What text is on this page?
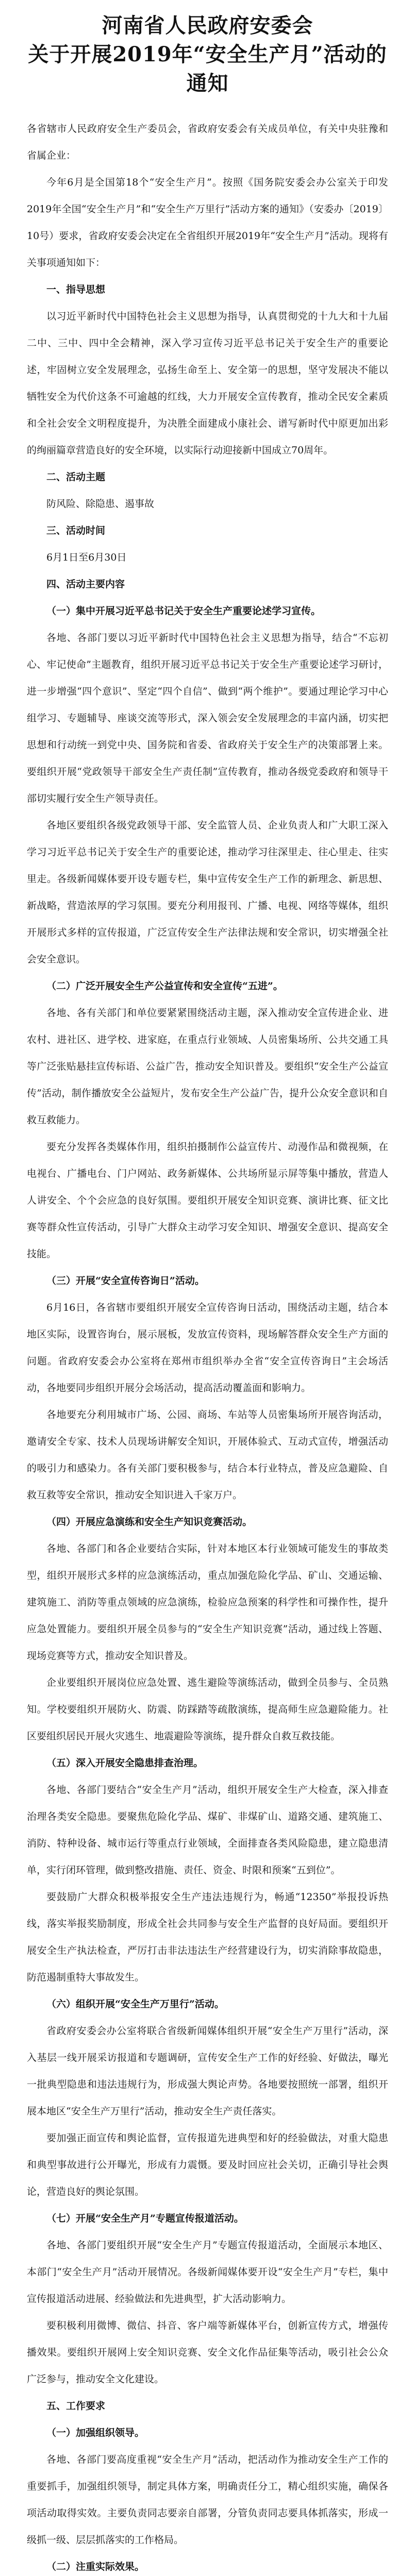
河南省人民政府安委会
关于开展2019年“安全生产月”活动的通知

各省辖市人民政府安全生产委员会，省政府安委会有关成员单位，有关中央驻豫和省属企业：

今年6月是全国第18个“安全生产月”。按照《国务院安委会办公室关于印发2019年全国“安全生产月”和“安全生产万里行”活动方案的通知》（安委办〔2019〕10号）要求，省政府安委会决定在全省组织开展2019年“安全生产月”活动。现将有关事项通知如下：

一、指导思想

以习近平新时代中国特色社会主义思想为指导，认真贯彻党的十九大和十九届二中、三中、四中全会精神，深入学习宣传习近平总书记关于安全生产的重要论述，牢固树立安全发展理念，弘扬生命至上、安全第一的思想，坚守发展决不能以牺牲安全为代价这条不可逾越的红线，大力开展安全宣传教育，推动全民安全素质和全社会安全文明程度提升，为决胜全面建成小康社会、谱写新时代中原更加出彩的绚丽篇章营造良好的安全环境，以实际行动迎接新中国成立70周年。

二、活动主题

防风险、除隐患、遏事故

三、活动时间

6月1日至6月30日

四、活动主要内容

（一）集中开展习近平总书记关于安全生产重要论述学习宣传。

各地、各部门要以习近平新时代中国特色社会主义思想为指导，结合“不忘初心、牢记使命”主题教育，组织开展习近平总书记关于安全生产重要论述学习研讨，进一步增强“四个意识”、坚定“四个自信”、做到“两个维护”。要通过理论学习中心组学习、专题辅导、座谈交流等形式，深入领会安全发展理念的丰富内涵，切实把思想和行动统一到党中央、国务院和省委、省政府关于安全生产的决策部署上来。要组织开展“党政领导干部安全生产责任制”宣传教育，推动各级党委政府和领导干部切实履行安全生产领导责任。

各地区要组织各级党政领导干部、安全监管人员、企业负责人和广大职工深入学习习近平总书记关于安全生产的重要论述，推动学习往深里走、往心里走、往实里走。各级新闻媒体要开设专题专栏，集中宣传安全生产工作的新理念、新思想、新战略，营造浓厚的学习氛围。要充分利用报刊、广播、电视、网络等媒体，组织开展形式多样的宣传报道，广泛宣传安全生产法律法规和安全常识，切实增强全社会安全意识。

（二）广泛开展安全生产公益宣传和安全宣传“五进”。

各地、各有关部门和单位要紧紧围绕活动主题，深入推动安全宣传进企业、进农村、进社区、进学校、进家庭，在重点行业领域、人员密集场所、公共交通工具等广泛张贴悬挂宣传标语、公益广告，推动安全知识普及。要组织“安全生产公益宣传”活动，制作播放安全公益短片，发布安全生产公益广告，提升公众安全意识和自救互救能力。

要充分发挥各类媒体作用，组织拍摄制作公益宣传片、动漫作品和微视频，在电视台、广播电台、门户网站、政务新媒体、公共场所显示屏等集中播放，营造人人讲安全、个个会应急的良好氛围。要组织开展安全知识竞赛、演讲比赛、征文比赛等群众性宣传活动，引导广大群众主动学习安全知识、增强安全意识、提高安全技能。

（三）开展“安全宣传咨询日”活动。

6月16日，各省辖市要组织开展安全宣传咨询日活动，围绕活动主题，结合本地区实际，设置咨询台，展示展板，发放宣传资料，现场解答群众安全生产方面的问题。省政府安委会办公室将在郑州市组织举办全省“安全宣传咨询日”主会场活动，各地要同步组织开展分会场活动，提高活动覆盖面和影响力。

各地要充分利用城市广场、公园、商场、车站等人员密集场所开展咨询活动，邀请安全专家、技术人员现场讲解安全知识，开展体验式、互动式宣传，增强活动的吸引力和感染力。各有关部门要积极参与，结合本行业特点，普及应急避险、自救互救等安全常识，推动安全知识进入千家万户。

（四）开展应急演练和安全生产知识竞赛活动。

各地、各部门和各企业要结合实际，针对本地区本行业领域可能发生的事故类型，组织开展形式多样的应急演练活动，重点加强危险化学品、矿山、交通运输、建筑施工、消防等重点领域的应急演练，检验应急预案的科学性和可操作性，提升应急处置能力。要组织开展全员参与的“安全生产知识竞赛”活动，通过线上答题、现场竞赛等方式，推动安全知识普及。

企业要组织开展岗位应急处置、逃生避险等演练活动，做到全员参与、全员熟知。学校要组织开展防火、防震、防踩踏等疏散演练，提高师生应急避险能力。社区要组织居民开展火灾逃生、地震避险等演练，提升群众自救互救技能。

（五）深入开展安全隐患排查治理。

各地、各部门要结合“安全生产月”活动，组织开展安全生产大检查，深入排查治理各类安全隐患。要聚焦危险化学品、煤矿、非煤矿山、道路交通、建筑施工、消防、特种设备、城市运行等重点行业领域，全面排查各类风险隐患，建立隐患清单，实行闭环管理，做到整改措施、责任、资金、时限和预案“五到位”。

要鼓励广大群众积极举报安全生产违法违规行为，畅通“12350”举报投诉热线，落实举报奖励制度，形成全社会共同参与安全生产监督的良好局面。要组织开展安全生产执法检查，严厉打击非法违法生产经营建设行为，切实消除事故隐患，防范遏制重特大事故发生。

（六）组织开展“安全生产万里行”活动。

省政府安委会办公室将联合省级新闻媒体组织开展“安全生产万里行”活动，深入基层一线开展采访报道和专题调研，宣传安全生产工作的好经验、好做法，曝光一批典型隐患和违法违规行为，形成强大舆论声势。各地要按照统一部署，组织开展本地区“安全生产万里行”活动，推动安全生产责任落实。

要加强正面宣传和舆论监督，宣传报道先进典型和好的经验做法，对重大隐患和典型事故进行公开曝光，形成有力震慑。要及时回应社会关切，正确引导社会舆论，营造良好的舆论氛围。

（七）开展“安全生产月”专题宣传报道活动。

各地、各部门要组织开展“安全生产月”专题宣传报道活动，全面展示本地区、本部门“安全生产月”活动开展情况。各级新闻媒体要开设“安全生产月”专栏，集中宣传报道活动进展、经验做法和先进典型，扩大活动影响力。

要积极利用微博、微信、抖音、客户端等新媒体平台，创新宣传方式，增强传播效果。要组织开展网上安全知识竞赛、安全文化作品征集等活动，吸引社会公众广泛参与，推动安全文化建设。

五、工作要求

（一）加强组织领导。

各地、各部门要高度重视“安全生产月”活动，把活动作为推动安全生产工作的重要抓手，加强组织领导，制定具体方案，明确责任分工，精心组织实施，确保各项活动取得实效。主要负责同志要亲自部署，分管负责同志要具体抓落实，形成一级抓一级、层层抓落实的工作格局。

（二）注重实际效果。
